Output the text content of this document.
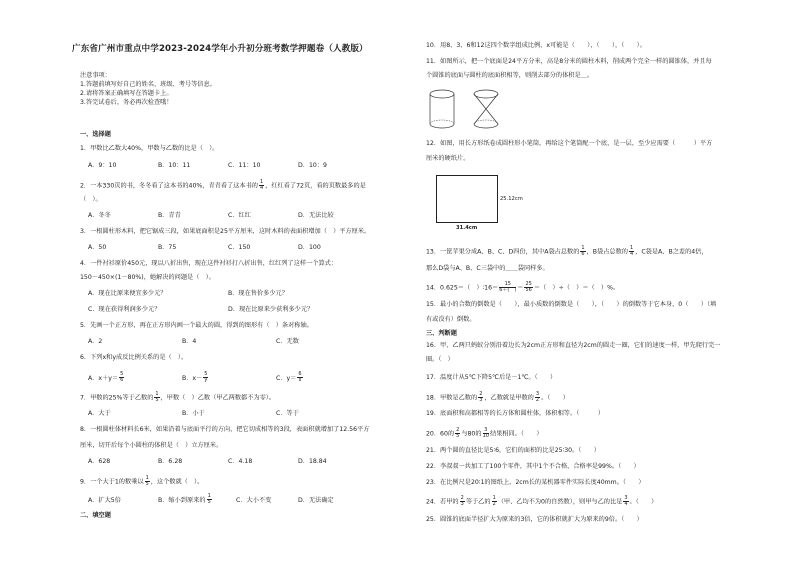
广东省广州市重点中学2023-2024学年小升初分班考数学押题卷（人教版）
注意事项：
1.答题前填写好自己的姓名、班级、考号等信息。
2.请将答案正确填写在答题卡上。
3.答完试卷后，务必再次检查哦！
一、选择题
1．甲数比乙数大40%，甲数与乙数的比是（　）。
A．9：10	B．10：11	C．11：10	D．10：9
2．一本330页的书，冬冬看了这本书的40%，青青看了这本书的 $\frac{1}{4}$ ，红红看了72页，看的页数最多的是
（　）。
A．冬冬	B．青青	C．红红	D．无法比较
3．一根圆柱形木料，把它锯成三段，如果底面积是25平方厘米，这时木料的表面积增加（　）平方厘米。
A．50	B．75	C．150	D．100
4．一件衬衫原价450元，现以八折出售，现在这件衬衫打八折出售，红红列了这样一个算式：
150－450×(1－80%)，她解决的问题是（　）。
A．现在比原来便宜多少元？	B．现在售价多少元？
C．现在获得利润多少元？	D．现在比原来少获利多少元？
5．先画一个正方形，再在正方形内画一个最大的圆，得到的图形有（　）条对称轴。
A．2	B．4	C．无数
6．下列x和y成反比例关系的是（　）。
A．$x+y= \frac{5}{6}$	B．$x- \frac{5}{y}$	C．$y= \frac{6}{x}$
7．甲数的25%等于乙数的 $\frac{1}{5}$ ，甲数（　）乙数（甲乙两数都不为零）。
A．大于	B．小于	C．等于
8．一根圆柱体材料长6米，如果沿着与底面平行的方向，把它切成相等的3段，表面积就增加了12.56平方
厘米，切开后每个小圆柱的体积是（　）立方厘米。
A．628	B．6.28	C．4.18	D．18.84
9．一个大于1的数乘以 $\frac{1}{5}$ ，这个数就（　）。
A．扩大5倍	B．缩小到原来的 $\frac{1}{5}$	C．大小不变	D．无法确定
二、填空题
10．用8、3、6和12这四个数字组成比例，x可能是（　　），（　　），（　　）。
11．如图所示，把一个底面是24平方分米，高是8分米的圆柱木料，削成两个完全一样的圆锥体，并且每
个圆锥的底面与圆柱的底面积相等，则削去部分的体积是＿。
12．如图，用长方形纸卷成圆柱形小笔筒，再给这个笔筒配一个底，是一层，至少应需要（　　　）平方
厘米的硬纸片。
25.12cm
31.4cm
13．一筐苹果分成A、B、C、D四份，其中A袋占总数的 $\frac{1}{6}$ ，B袋占总数的 $\frac{1}{4}$ ，C袋是A、B之差的4倍，
那么D袋与A、B、C三袋中的＿＿袋同样多。
14．0.625＝（　）∶16＝ $\frac{15}{6+( )} = \frac{25}{56}$ ＝（　）÷（　）＝（　）%。
15．最小的合数的倒数是（　　），最小质数的倒数是（　　），（　　）的倒数等于它本身，0（　　）（填
有或没有）倒数。
三、判断题
16．甲、乙两只蚂蚁分别沿着边长为2cm正方形和直径为2cm的圆走一圈，它们的速度一样，甲先爬行完一
圈。（　）
17．温度计从5℃下降5℃后是－1℃。（　　）
18．甲数是乙数的 $\frac{2}{3}$ ，乙数就是甲数的 $\frac{3}{2}$ 。（　　）
19．底面积和高都相等的长方体和圆柱体，体积相等。（　　　）
20．60的 $\frac{2}{5}$ 与80的 $\frac{3}{10}$ 结果相同。（　　）
21．两个圆的直径比是5∶6，它们的面积的比是25∶30。（　　）
22．李叔叔一共加工了100个零件，其中1个不合格，合格率是99%。（　　）
23．在比例尺是20∶1的图纸上，2cm长的某机器零件实际长度40mm。（　　）
24．若甲的 $\frac{2}{3}$ 等于乙的 $\frac{1}{2}$ （甲、乙均不为0的自然数），则甲与乙的比是 $\frac{3}{4}$ 。（　　）
25．圆锥的底面半径扩大为原来的3倍，它的体积就扩大为原来的9倍。（　　）
